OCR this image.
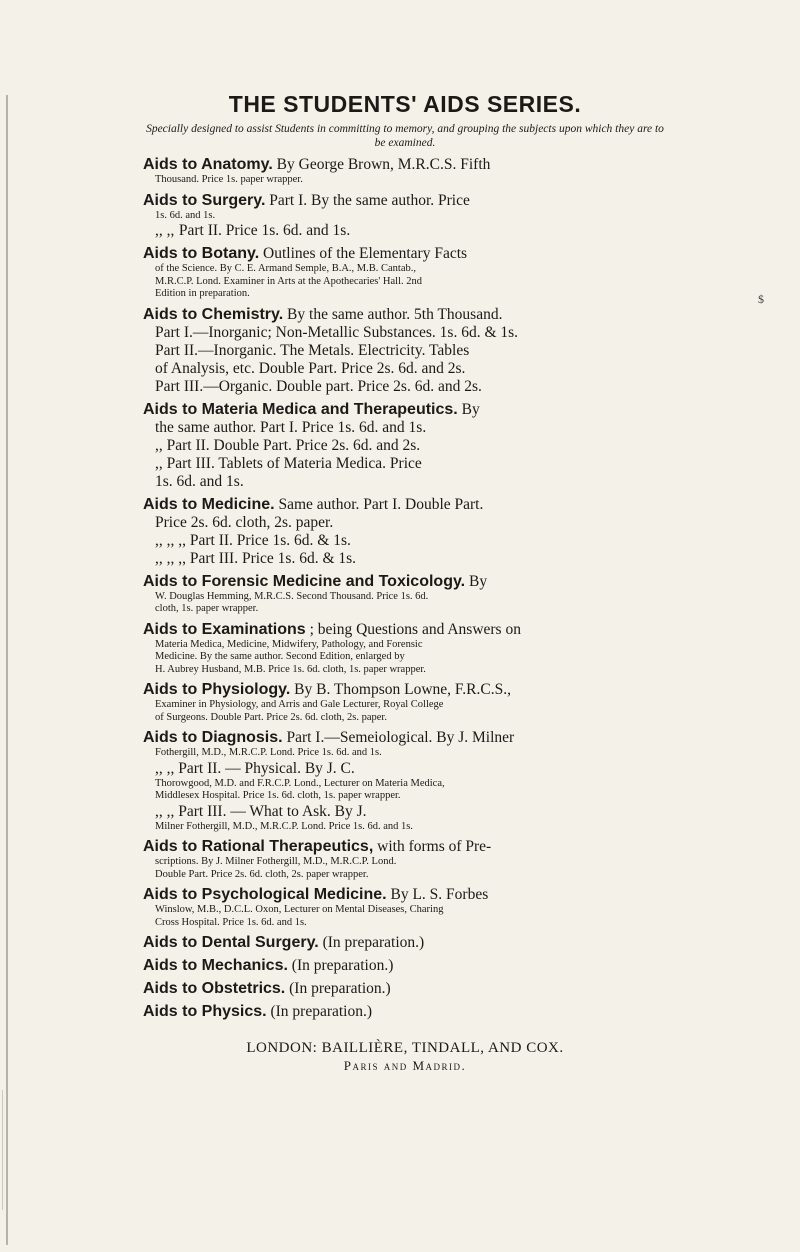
$
THE STUDENTS' AIDS SERIES.
Specially designed to assist Students in committing to memory, and grouping the subjects upon which they are to be examined.
Aids to Anatomy. By George Brown, M.R.C.S. Fifth
Thousand. Price 1s. paper wrapper.
Aids to Surgery. Part I. By the same author. Price
1s. 6d. and 1s.
,, ,, Part II. Price 1s. 6d. and 1s.
Aids to Botany. Outlines of the Elementary Facts
of the Science. By C. E. Armand Semple, B.A., M.B. Cantab.,
M.R.C.P. Lond. Examiner in Arts at the Apothecaries' Hall. 2nd
Edition in preparation.
Aids to Chemistry. By the same author. 5th Thousand.
Part I.—Inorganic; Non-Metallic Substances. 1s. 6d. & 1s.
Part II.—Inorganic. The Metals. Electricity. Tables
of Analysis, etc. Double Part. Price 2s. 6d. and 2s.
Part III.—Organic. Double part. Price 2s. 6d. and 2s.
Aids to Materia Medica and Therapeutics. By
the same author. Part I. Price 1s. 6d. and 1s.
,, Part II. Double Part. Price 2s. 6d. and 2s.
,, Part III. Tablets of Materia Medica. Price
1s. 6d. and 1s.
Aids to Medicine. Same author. Part I. Double Part.
Price 2s. 6d. cloth, 2s. paper.
,, ,, ,, Part II. Price 1s. 6d. & 1s.
,, ,, ,, Part III. Price 1s. 6d. & 1s.
Aids to Forensic Medicine and Toxicology. By
W. Douglas Hemming, M.R.C.S. Second Thousand. Price 1s. 6d.
cloth, 1s. paper wrapper.
Aids to Examinations ; being Questions and Answers on
Materia Medica, Medicine, Midwifery, Pathology, and Forensic
Medicine. By the same author. Second Edition, enlarged by
H. Aubrey Husband, M.B. Price 1s. 6d. cloth, 1s. paper wrapper.
Aids to Physiology. By B. Thompson Lowne, F.R.C.S.,
Examiner in Physiology, and Arris and Gale Lecturer, Royal College
of Surgeons. Double Part. Price 2s. 6d. cloth, 2s. paper.
Aids to Diagnosis. Part I.—Semeiological. By J. Milner
Fothergill, M.D., M.R.C.P. Lond. Price 1s. 6d. and 1s.
,, ,, Part II. — Physical. By J. C.
Thorowgood, M.D. and F.R.C.P. Lond., Lecturer on Materia Medica,
Middlesex Hospital. Price 1s. 6d. cloth, 1s. paper wrapper.
,, ,, Part III. — What to Ask. By J.
Milner Fothergill, M.D., M.R.C.P. Lond. Price 1s. 6d. and 1s.
Aids to Rational Therapeutics, with forms of Pre-
scriptions. By J. Milner Fothergill, M.D., M.R.C.P. Lond.
Double Part. Price 2s. 6d. cloth, 2s. paper wrapper.
Aids to Psychological Medicine. By L. S. Forbes
Winslow, M.B., D.C.L. Oxon, Lecturer on Mental Diseases, Charing
Cross Hospital. Price 1s. 6d. and 1s.
Aids to Dental Surgery. (In preparation.)
Aids to Mechanics. (In preparation.)
Aids to Obstetrics. (In preparation.)
Aids to Physics. (In preparation.)
LONDON: BAILLIÈRE, TINDALL, AND COX.
Paris and Madrid.
